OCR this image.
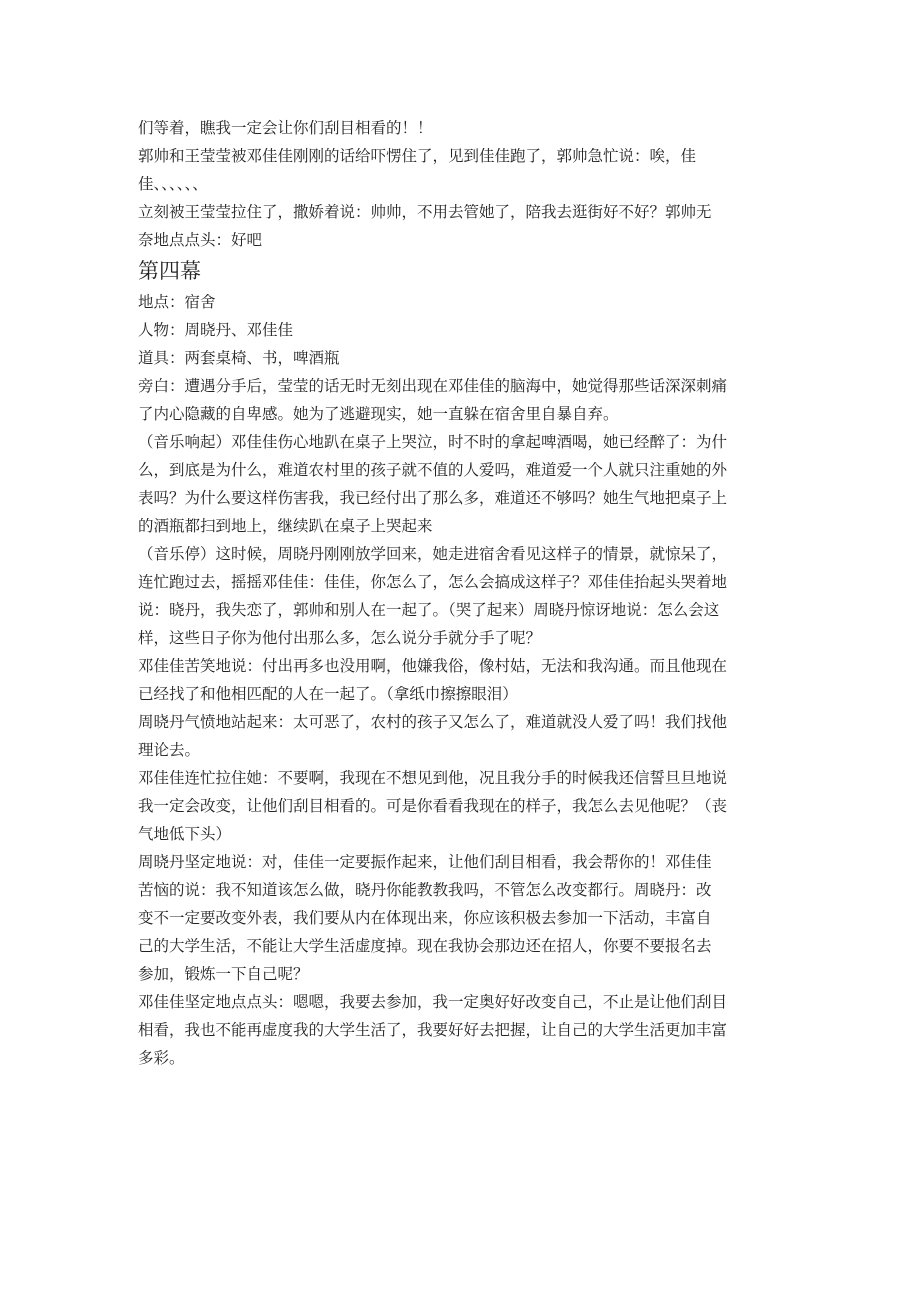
们等着，瞧我一定会让你们刮目相看的！！
郭帅和王莹莹被邓佳佳刚刚的话给吓愣住了，见到佳佳跑了，郭帅急忙说：唉，佳
佳、、、、、、
立刻被王莹莹拉住了，撒娇着说：帅帅，不用去管她了，陪我去逛街好不好？郭帅无
奈地点点头：好吧
第四幕
地点：宿舍
人物：周晓丹、邓佳佳
道具：两套桌椅、书，啤酒瓶
旁白：遭遇分手后，莹莹的话无时无刻出现在邓佳佳的脑海中，她觉得那些话深深刺痛
了内心隐藏的自卑感。她为了逃避现实，她一直躲在宿舍里自暴自弃。
（音乐响起）邓佳佳伤心地趴在桌子上哭泣，时不时的拿起啤酒喝，她已经醉了：为什
么，到底是为什么，难道农村里的孩子就不值的人爱吗，难道爱一个人就只注重她的外
表吗？为什么要这样伤害我，我已经付出了那么多，难道还不够吗？她生气地把桌子上
的酒瓶都扫到地上，继续趴在桌子上哭起来
（音乐停）这时候，周晓丹刚刚放学回来，她走进宿舍看见这样子的情景，就惊呆了，
连忙跑过去，摇摇邓佳佳：佳佳，你怎么了，怎么会搞成这样子？邓佳佳抬起头哭着地
说：晓丹，我失恋了，郭帅和别人在一起了。（哭了起来）周晓丹惊讶地说：怎么会这
样，这些日子你为他付出那么多，怎么说分手就分手了呢？
邓佳佳苦笑地说：付出再多也没用啊，他嫌我俗，像村姑，无法和我沟通。而且他现在
已经找了和他相匹配的人在一起了。（拿纸巾擦擦眼泪）
周晓丹气愤地站起来：太可恶了，农村的孩子又怎么了，难道就没人爱了吗！我们找他
理论去。
邓佳佳连忙拉住她：不要啊，我现在不想见到他，况且我分手的时候我还信誓旦旦地说
我一定会改变，让他们刮目相看的。可是你看看我现在的样子，我怎么去见他呢？（丧
气地低下头）
周晓丹坚定地说：对，佳佳一定要振作起来，让他们刮目相看，我会帮你的！邓佳佳
苦恼的说：我不知道该怎么做，晓丹你能教教我吗，不管怎么改变都行。周晓丹：改
变不一定要改变外表，我们要从内在体现出来，你应该积极去参加一下活动，丰富自
己的大学生活，不能让大学生活虚度掉。现在我协会那边还在招人，你要不要报名去
参加，锻炼一下自己呢？
邓佳佳坚定地点点头：嗯嗯，我要去参加，我一定奥好好改变自己，不止是让他们刮目
相看，我也不能再虚度我的大学生活了，我要好好去把握，让自己的大学生活更加丰富
多彩。
